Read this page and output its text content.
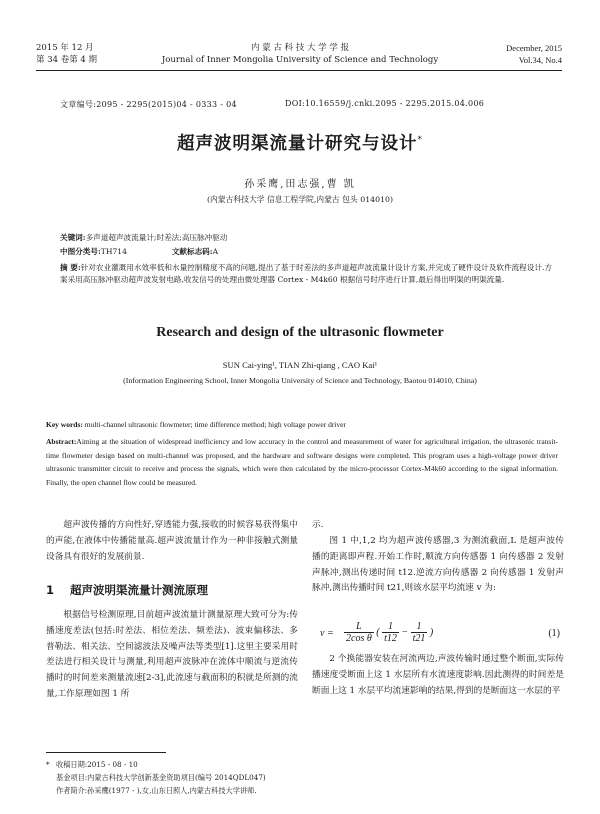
2015 年 12 月
第 34 卷第 4 期
内 蒙 古 科 技 大 学 学 报
Journal of Inner Mongolia University of Science and Technology
December, 2015
Vol.34, No.4
文章编号:2095 - 2295(2015)04 - 0333 - 04	DOI:10.16559/j.cnki.2095 - 2295.2015.04.006
超声波明渠流量计研究与设计*
孙采鹰,田志强,曹 凯
(内蒙古科技大学 信息工程学院,内蒙古 包头 014010)
关键词:多声道超声波流量计;时差法;高压脉冲驱动
中图分类号:TH714	文献标志码:A
摘 要:针对农业灌溉用水效率低和水量控制精度不高的问题,提出了基于时差法的多声道超声波流量计设计方案,并完成了硬件设计及软件流程设计.方案采用高压脉冲驱动超声波发射电路,收发信号的处理由微处理器 Cortex - M4k60 根据信号时序进行计算,最后得出明渠的明渠流量.
Research and design of the ultrasonic flowmeter
SUN Cai-ying¹, TIAN Zhi-qiang , CAO Kai¹
(Information Engineering School, Inner Mongolia University of Science and Technology, Baotou 014010, China)
Key words: multi-channel ultrasonic flowmeter; time difference method; high voltage power driver
Abstract:Aiming at the situation of widespread inefficiency and low accuracy in the control and measurement of water for agricultural irrigation, the ultrasonic transit-time flowmeter design based on multi-channel was proposed, and the hardware and software designs were completed. This program uses a high-voltage power driver ultrasonic transmitter circuit to receive and process the signals, which were then calculated by the micro-processor Cortex-M4k60 according to the signal information. Finally, the open channel flow could be measured.
超声波传播的方向性好,穿透能力强,接收的时候容易获得集中的声能,在液体中传播能量高.超声波流量计作为一种非接触式测量设备具有很好的发展前景.
1 超声波明渠流量计测流原理
根据信号检测原理,目前超声波流量计测量原理大致可分为:传播速度差法(包括:时差法、相位差法、频差法)、波束偏移法、多普勒法、相关法、空间滤波法及噪声法等类型[1].这里主要采用时差法进行相关设计与测量,利用超声波脉冲在流体中顺流与逆流传播时的时间差来测量流速[2-3],此流速与截面积的积就是所测的流量,工作原理如图 1 所
示.
图 1 中,1,2 均为超声波传感器,3 为测流截面,L 是超声波传播的距离即声程.开始工作时,顺流方向传感器 1 向传感器 2 发射声脉冲,测出传递时间 t12.逆流方向传感器 2 向传感器 1 发射声脉冲,测出传播时间 t21,则该水层平均流速 v 为:
$v = \frac{L}{\text{2cos θ}}$ ( $\frac{1}{t12} - \frac{1}{t21}$ )	(1)
2 个换能器安装在河流两边,声波传输时通过整个断面,实际传播速度受断面上这 1 水层所有水流速度影响.因此测得的时间差是断面上这 1 水层平均流速影响的结果,得到的是断面这一水层的平
* 收稿日期:2015 - 08 - 10
基金项目:内蒙古科技大学创新基金资助项目(编号 2014QDL047)
作者简介:孙采鹰(1977 - ),女,山东日照人,内蒙古科技大学讲师.
